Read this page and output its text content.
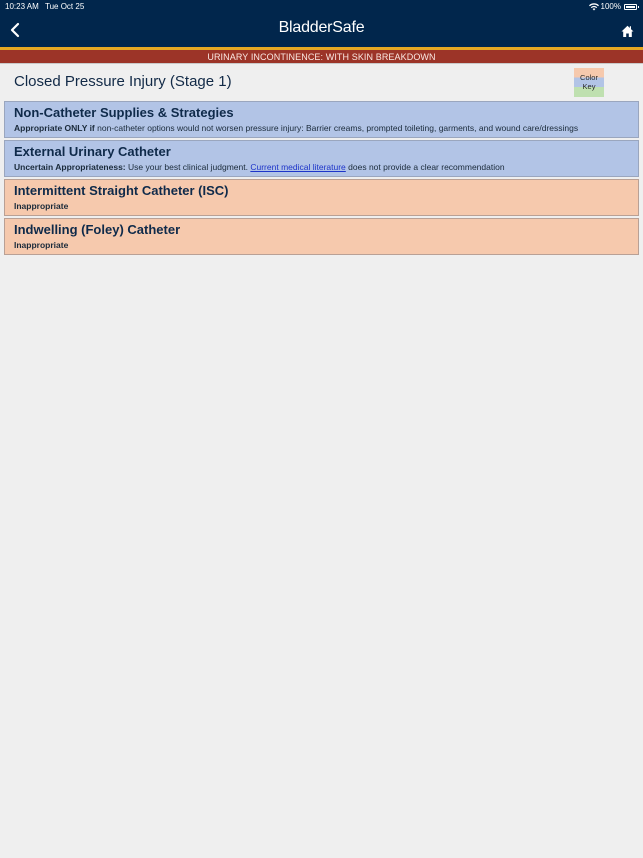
10:23 AM Tue Oct 25	100%
BladderSafe
URINARY INCONTINENCE: WITH SKIN BREAKDOWN
Closed Pressure Injury (Stage 1)	Color
Key
Non-Catheter Supplies & Strategies
Appropriate ONLY if non-catheter options would not worsen pressure injury: Barrier creams, prompted toileting, garments, and wound care/dressings
External Urinary Catheter
Uncertain Appropriateness: Use your best clinical judgment. Current medical literature does not provide a clear recommendation
Intermittent Straight Catheter (ISC)
Inappropriate
Indwelling (Foley) Catheter
Inappropriate
